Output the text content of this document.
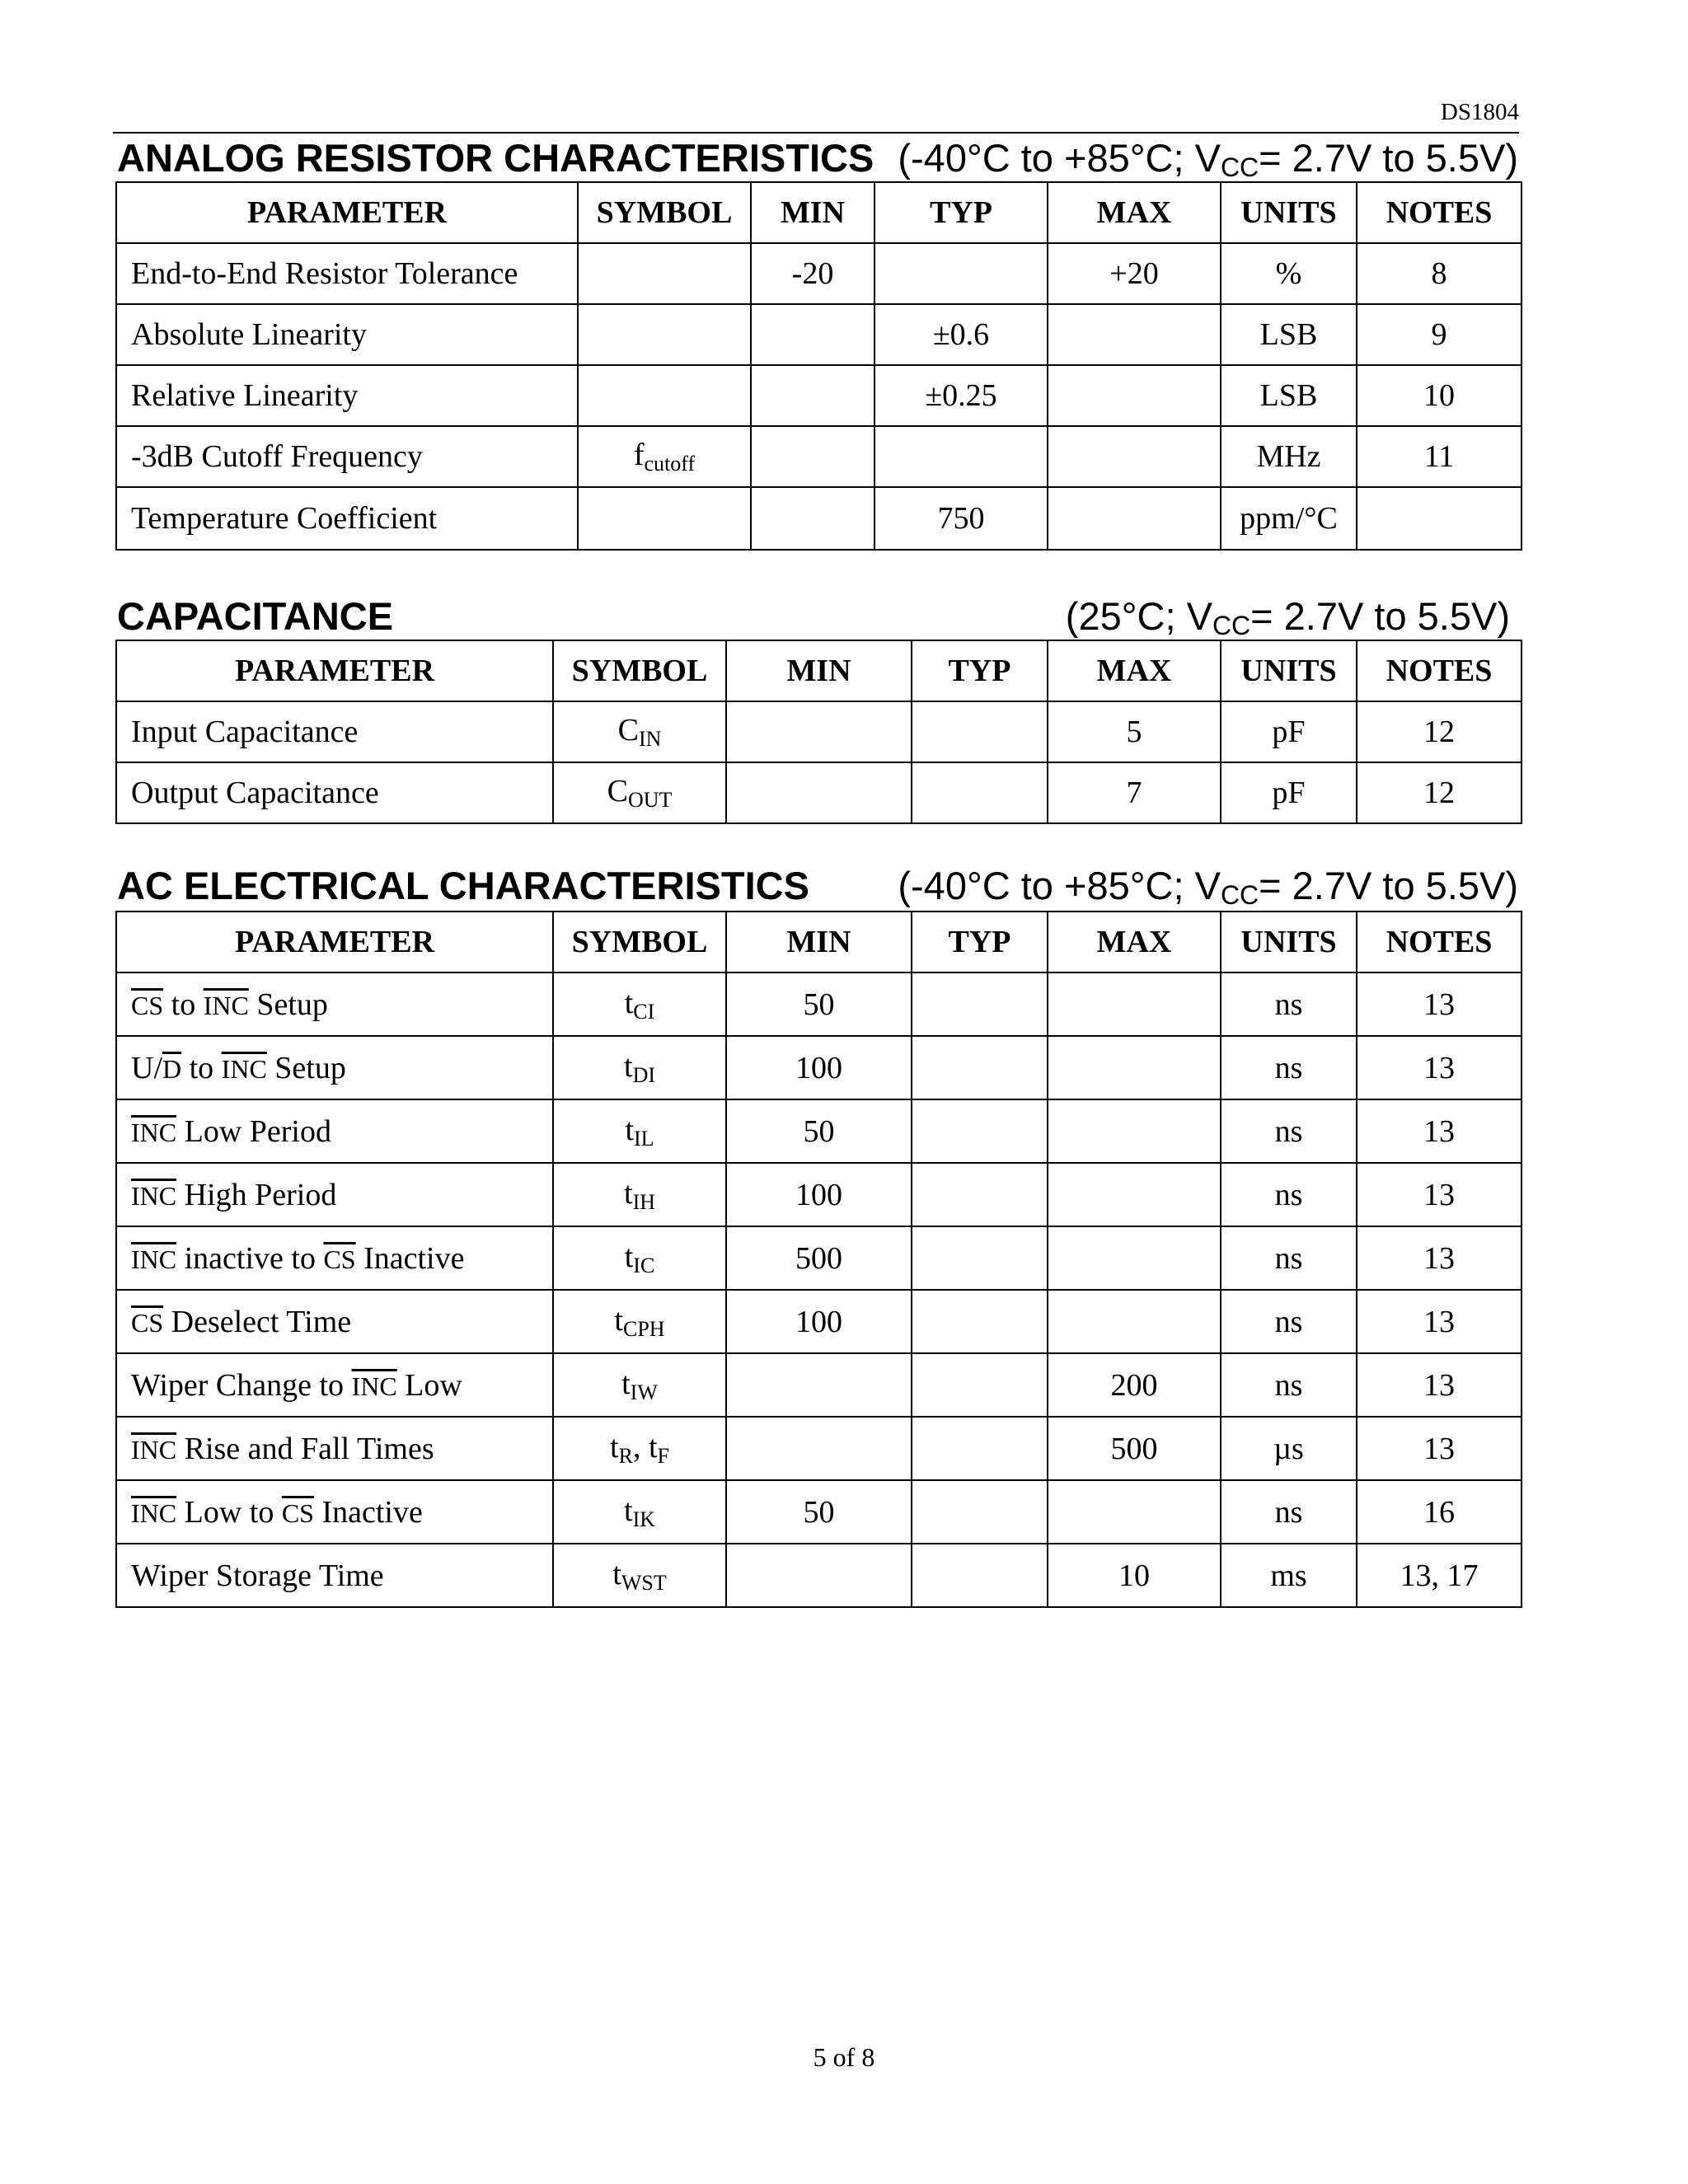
DS1804
ANALOG RESISTOR CHARACTERISTICS (-40°C to +85°C; $V_{CC}= 2.7V$ to 5.5V)
PARAMETER	SYMBOL	MIN	TYP	MAX	UNITS	NOTES
End-to-End Resistor Tolerance		-20		+20	%	8
Absolute Linearity			±0.6		LSB	9
Relative Linearity			±0.25		LSB	10
-3dB Cutoff Frequency	$f_{cutoff}$				MHz	11
Temperature Coefficient			750		ppm/°C	
CAPACITANCE	(25°C; $V_{CC}= 2.7V$ to 5.5V)
PARAMETER	SYMBOL	MIN	TYP	MAX	UNITS	NOTES
Input Capacitance	$C_{IN}$			5	pF	12
Output Capacitance	$C_{OUT}$			7	pF	12
AC ELECTRICAL CHARACTERISTICS (-40°C to +85°C; $V_{CC}= 2.7V$ to 5.5V)
PARAMETER	SYMBOL	MIN	TYP	MAX	UNITS	NOTES
$\overline{CS}$ to $\overline{INC}$ Setup	$t_{CI}$	50			ns	13
$U/\overline{D}$ to $\overline{INC}$ Setup	$t_{DI}$	100			ns	13
$\overline{INC}$ Low Period	$t_{IL}$	50			ns	13
$\overline{INC}$ High Period	$t_{IH}$	100			ns	13
$\overline{INC}$ inactive to $\overline{CS}$ Inactive	$t_{IC}$	500			ns	13
$\overline{CS}$ Deselect Time	$t_{CPH}$	100			ns	13
Wiper Change to $\overline{INC}$ Low	$t_{IW}$			200	ns	13
$\overline{INC}$ Rise and Fall Times	$t_R$, $t_F$			500	µs	13
$\overline{INC}$ Low to $\overline{CS}$ Inactive	$t_{IK}$	50			ns	16
Wiper Storage Time	$t_{WST}$			10	ms	13, 17
5 of 8
